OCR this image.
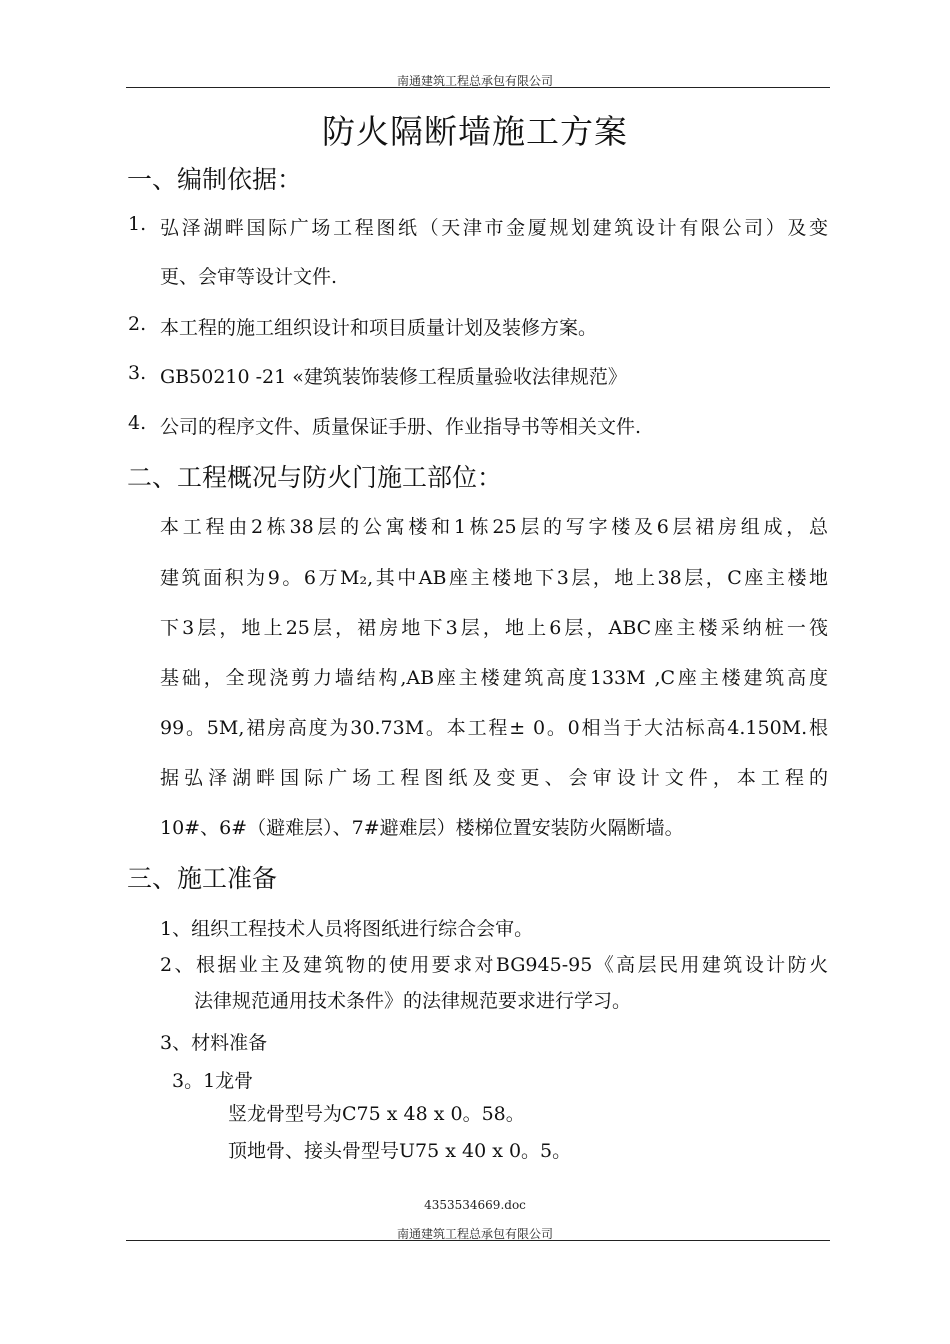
南通建筑工程总承包有限公司
防火隔断墙施工方案
一、编制依据：
1. 弘泽湖畔国际广场工程图纸（天津市金厦规划建筑设计有限公司）及变
更、会审等设计文件.
2. 本工程的施工组织设计和项目质量计划及装修方案。
3. GB50210 -21 «建筑装饰装修工程质量验收法律规范》
4. 公司的程序文件、质量保证手册、作业指导书等相关文件.
二、工程概况与防火门施工部位：
本工程由2栋38层的公寓楼和1栋25层的写字楼及6层裙房组成，总
建筑面积为9。6万M₂,其中AB座主楼地下3层，地上38层，C座主楼地
下3层，地上25层，裙房地下3层，地上6层，ABC座主楼采纳桩一筏
基础，全现浇剪力墙结构,AB座主楼建筑高度133M ,C座主楼建筑高度
99。5M,裙房高度为30.73M。本工程± 0。0相当于大沽标高4.150M.根
据弘泽湖畔国际广场工程图纸及变更、会审设计文件，本工程的
10#、6#（避难层）、7#避难层）楼梯位置安装防火隔断墙。
三、施工准备
1、组织工程技术人员将图纸进行综合会审。
2、根据业主及建筑物的使用要求对BG945-95《高层民用建筑设计防火
法律规范通用技术条件》的法律规范要求进行学习。
3、材料准备
3。1龙骨
竖龙骨型号为C75 x 48 x 0。58。
顶地骨、接头骨型号U75 x 40 x 0。5。
4353534669.doc
南通建筑工程总承包有限公司
